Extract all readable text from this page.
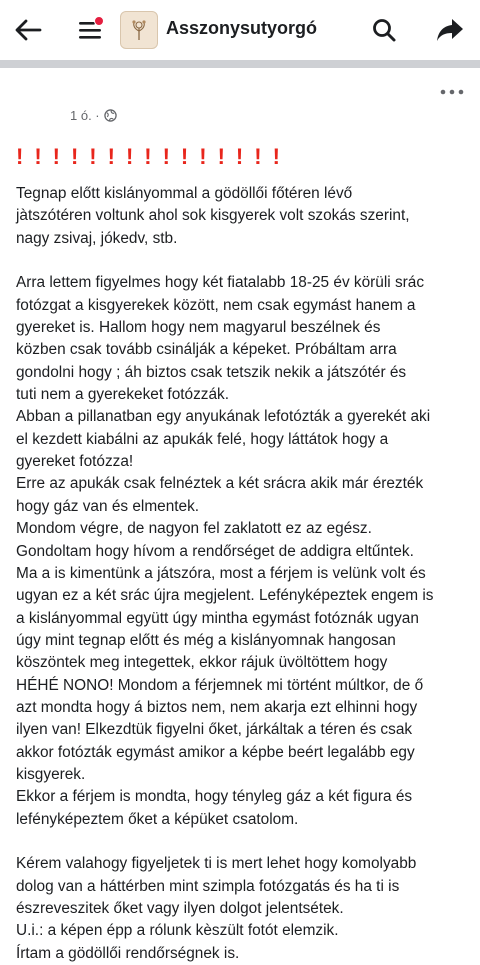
Asszonysutyorgó
1 ó. ·
!!!!!!!!!!!!!!!

Tegnap előtt kislányommal a gödöllői főtéren lévő
jàtszótéren voltunk ahol sok kisgyerek volt szokás szerint,
nagy zsivaj, jókedv, stb.

Arra lettem figyelmes hogy két fiatalabb 18-25 év körüli srác
fotózgat a kisgyerekek között, nem csak egymást hanem a
gyereket is. Hallom hogy nem magyarul beszélnek és
közben csak tovább csinálják a képeket. Próbáltam arra
gondolni hogy ; áh biztos csak tetszik nekik a játszótér és
tuti nem a gyerekeket fotózzák.
Abban a pillanatban egy anyukának lefotózták a gyerekét aki
el kezdett kiabálni az apukák felé, hogy láttátok hogy a
gyereket fotózza!
Erre az apukák csak felnéztek a két srácra akik már érezték
hogy gáz van és elmentek.
Mondom végre, de nagyon fel zaklatott ez az egész.
Gondoltam hogy hívom a rendőrséget de addigra eltűntek.
Ma a is kimentünk a játszóra, most a férjem is velünk volt és
ugyan ez a két srác újra megjelent. Lefényképeztek engem is
a kislányommal együtt úgy mintha egymást fotóznák ugyan
úgy mint tegnap előtt és még a kislányomnak hangosan
köszöntek meg integettek, ekkor rájuk üvöltöttem hogy
HÉHÉ NONO! Mondom a férjemnek mi történt múltkor, de ő
azt mondta hogy á biztos nem, nem akarja ezt elhinni hogy
ilyen van! Elkezdtük figyelni őket, járkáltak a téren és csak
akkor fotózták egymást amikor a képbe beért legalább egy
kisgyerek.
Ekkor a férjem is mondta, hogy tényleg gáz a két figura és
lefényképeztem őket a képüket csatolom.

Kérem valahogy figyeljetek ti is mert lehet hogy komolyabb
dolog van a háttérben mint szimpla fotózgatás és ha ti is
észreveszitek őket vagy ilyen dolgot jelentsétek.
U.i.: a képen épp a rólunk kèszült fotót elemzik.
Írtam a gödöllői rendőrségnek is.
